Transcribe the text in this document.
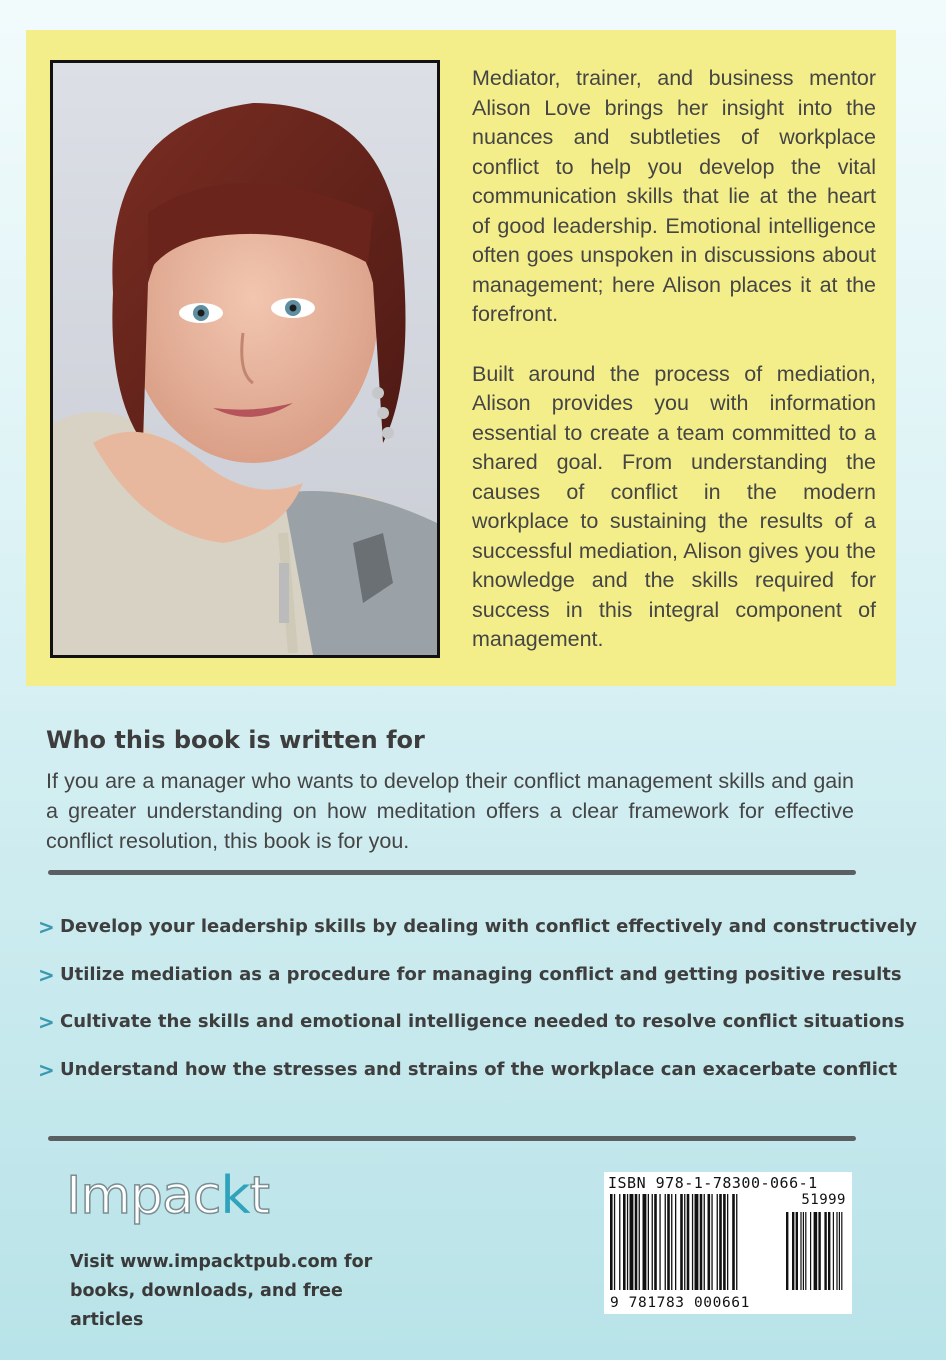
Mediator, trainer, and business mentor Alison Love brings her insight into the nuances and subtleties of workplace conflict to help you develop the vital communication skills that lie at the heart of good leadership. Emotional intelligence often goes unspoken in discussions about management; here Alison places it at the forefront.

Built around the process of mediation, Alison provides you with information essential to create a team committed to a shared goal. From understanding the causes of conflict in the modern workplace to sustaining the results of a successful mediation, Alison gives you the knowledge and the skills required for success in this integral component of management.

Who this book is written for

If you are a manager who wants to develop their conflict management skills and gain a greater understanding on how meditation offers a clear framework for effective conflict resolution, this book is for you.

> Develop your leadership skills by dealing with conflict effectively and constructively
> Utilize mediation as a procedure for managing conflict and getting positive results
> Cultivate the skills and emotional intelligence needed to resolve conflict situations
> Understand how the stresses and strains of the workplace can exacerbate conflict
Impackt

Visit www.impacktpub.com for books, downloads, and free articles

ISBN 978-1-78300-066-1
51999
9 781783 000661
